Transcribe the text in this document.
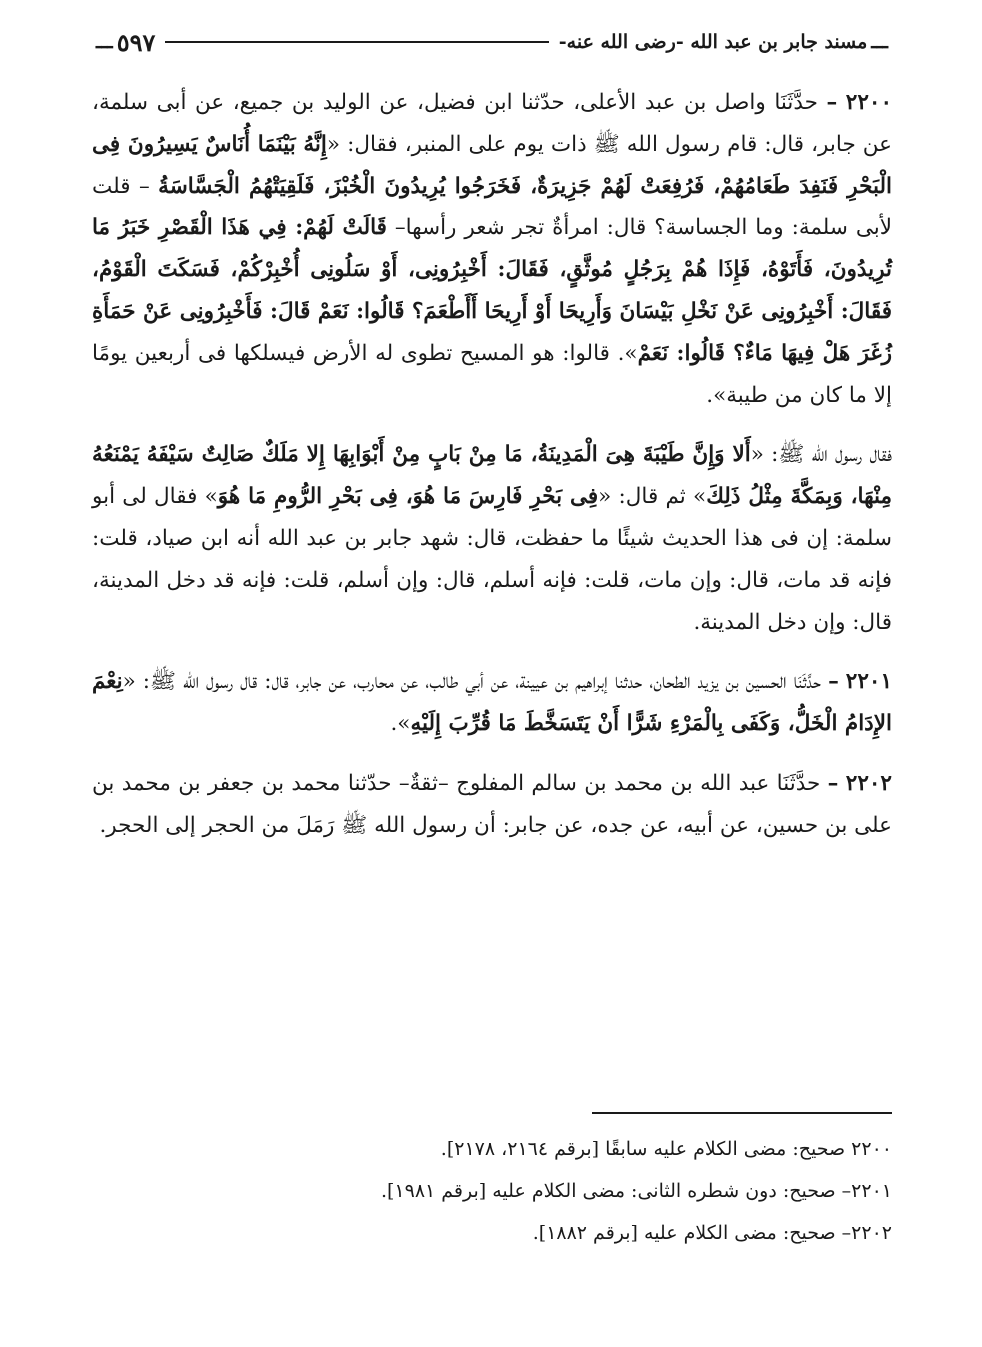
ـــ
مسند جابر بن عبد الله -رضى الله عنه-
٥٩٧
ـــ

٢٢٠٠ – حدَّثَنَا واصل بن عبد الأعلى، حدّثنا ابن فضيل، عن الوليد بن جميع، عن أبى سلمة، عن جابر، قال: قام رسول الله ﷺ ذات يوم على المنبر، فقال: «إِنَّهُ بَيْنَمَا أُنَاسٌ يَسِيرُونَ فِى الْبَحْرِ فَنَفِدَ طَعَامُهُمْ، فَرُفِعَتْ لَهُمْ جَزِيرَةٌ، فَخَرَجُوا يُرِيدُونَ الْخُبْزَ، فَلَقِيَتْهُمُ الْجَسَّاسَةُ – قلت لأبى سلمة: وما الجساسة؟ قال: امرأةٌ تجر شعر رأسها– قَالَتْ لَهُمْ: فِي هَذَا الْقَصْرِ خَبَرُ مَا تُرِيدُونَ، فَأَتَوْهُ، فَإِذَا هُمْ بِرَجُلٍ مُوثَّقٍ، فَقَالَ: أَخْبِرُونِى، أَوْ سَلُونِى أُخْبِرْكُمْ، فَسَكَتَ الْقَوْمُ، فَقَالَ: أَخْبِرُونِى عَنْ نَخْلِ بَيْسَانَ وَأَرِيحَا أَوْ أَرِيحَا أَأَطْعَمَ؟ قَالُوا: نَعَمْ قَالَ: فَأَخْبِرُونِى عَنْ حَمَأَةِ زُغَرَ هَلْ فِيهَا مَاءٌ؟ قَالُوا: نَعَمْ». قالوا: هو المسيح تطوى له الأرض فيسلكها فى أربعين يومًا إلا ما كان من طيبة».

فقال رسول الله ﷺ: «أَلا وَإِنَّ طَيْبَةَ هِىَ الْمَدِينَةُ، مَا مِنْ بَابٍ مِنْ أَبْوَابِهَا إِلا مَلَكٌ صَالِتٌ سَيْفَهُ يَمْنَعُهُ مِنْهَا، وَبِمَكَّةَ مِثْلُ ذَلِكَ» ثم قال: «فِى بَحْرِ فَارِسَ مَا هُوَ، فِى بَحْرِ الرُّومِ مَا هُوَ» فقال لى أبو سلمة: إن فى هذا الحديث شيئًا ما حفظت، قال: شهد جابر بن عبد الله أنه ابن صياد، قلت: فإنه قد مات، قال: وإن مات، قلت: فإنه أسلم، قال: وإن أسلم، قلت: فإنه قد دخل المدينة، قال: وإن دخل المدينة.

٢٢٠١ – حدَّثَنَا الحسين بن يزيد الطحان، حدثنا إبراهيم بن عيينة، عن أبي طالب، عن محارب، عن جابر، قال: قال رسول الله ﷺ: «نِعْمَ الإِدَامُ الْخَلُّ، وَكَفَى بِالْمَرْءِ شَرًّا أَنْ يَتَسَخَّطَ مَا قُرِّبَ إِلَيْهِ».

٢٢٠٢ – حدَّثَنَا عبد الله بن محمد بن سالم المفلوج –ثقةٌ– حدّثنا محمد بن جعفر بن محمد بن على بن حسين، عن أبيه، عن جده، عن جابر: أن رسول الله ﷺ رَمَلَ من الحجر إلى الحجر.

٢٢٠٠ صحيح: مضى الكلام عليه سابقًا [برقم ٢١٦٤، ٢١٧٨].
٢٢٠١– صحيح: دون شطره الثانى: مضى الكلام عليه [برقم ١٩٨١].
٢٢٠٢– صحيح: مضى الكلام عليه [برقم ١٨٨٢].
